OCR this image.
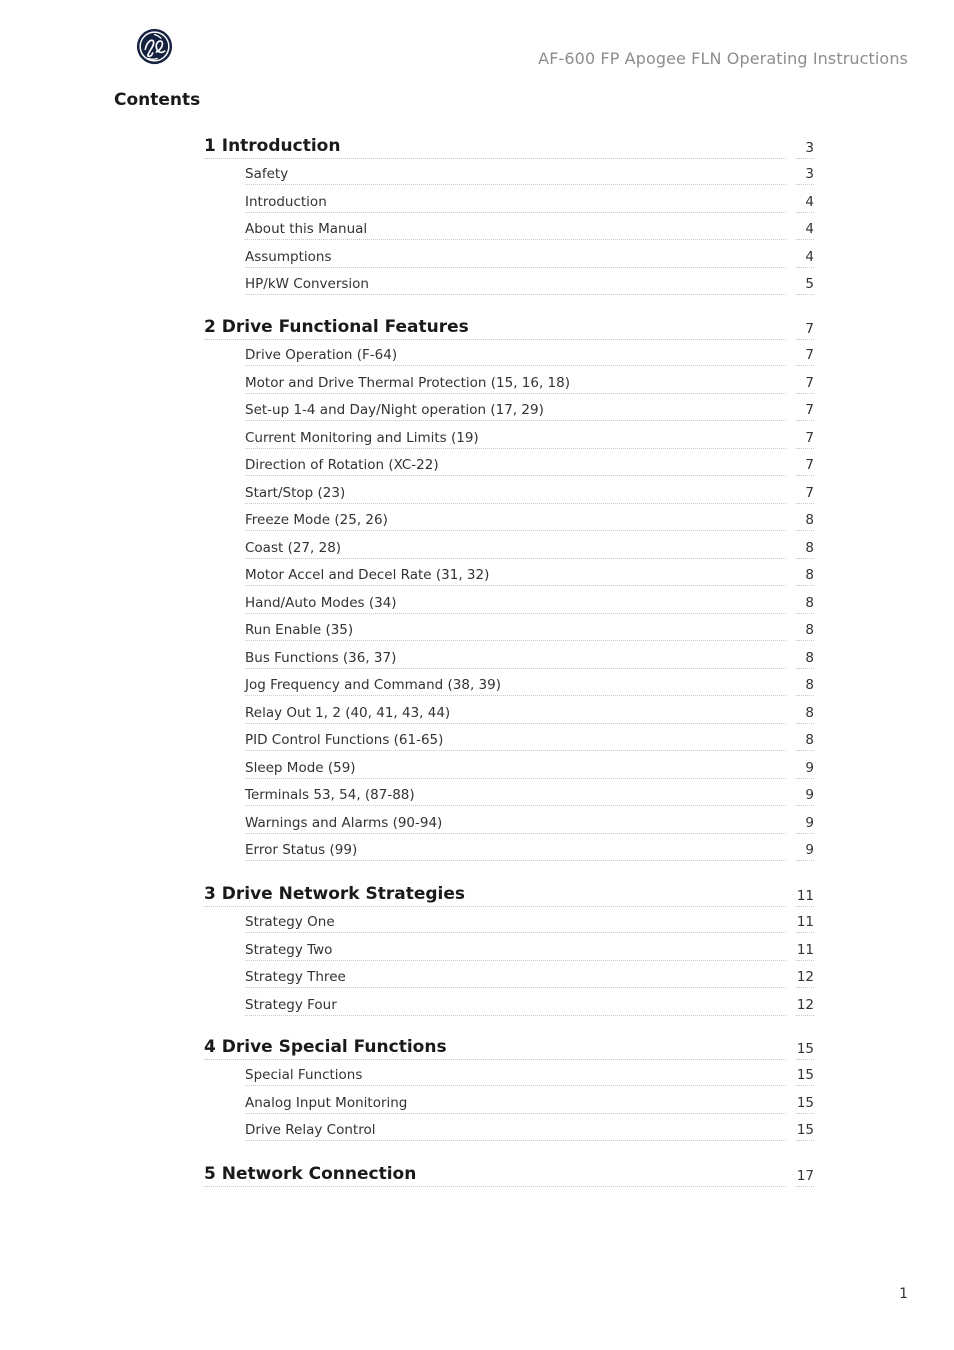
AF-600 FP Apogee FLN Operating Instructions
Contents
1 Introduction	3
Safety	3
Introduction	4
About this Manual	4
Assumptions	4
HP/kW Conversion	5
2 Drive Functional Features	7
Drive Operation (F-64)	7
Motor and Drive Thermal Protection (15, 16, 18)	7
Set-up 1-4 and Day/Night operation (17, 29)	7
Current Monitoring and Limits (19)	7
Direction of Rotation (XC-22)	7
Start/Stop (23)	7
Freeze Mode (25, 26)	8
Coast (27, 28)	8
Motor Accel and Decel Rate (31, 32)	8
Hand/Auto Modes (34)	8
Run Enable (35)	8
Bus Functions (36, 37)	8
Jog Frequency and Command (38, 39)	8
Relay Out 1, 2 (40, 41, 43, 44)	8
PID Control Functions (61-65)	8
Sleep Mode (59)	9
Terminals 53, 54, (87-88)	9
Warnings and Alarms (90-94)	9
Error Status (99)	9
3 Drive Network Strategies	11
Strategy One	11
Strategy Two	11
Strategy Three	12
Strategy Four	12
4 Drive Special Functions	15
Special Functions	15
Analog Input Monitoring	15
Drive Relay Control	15
5 Network Connection	17
1
